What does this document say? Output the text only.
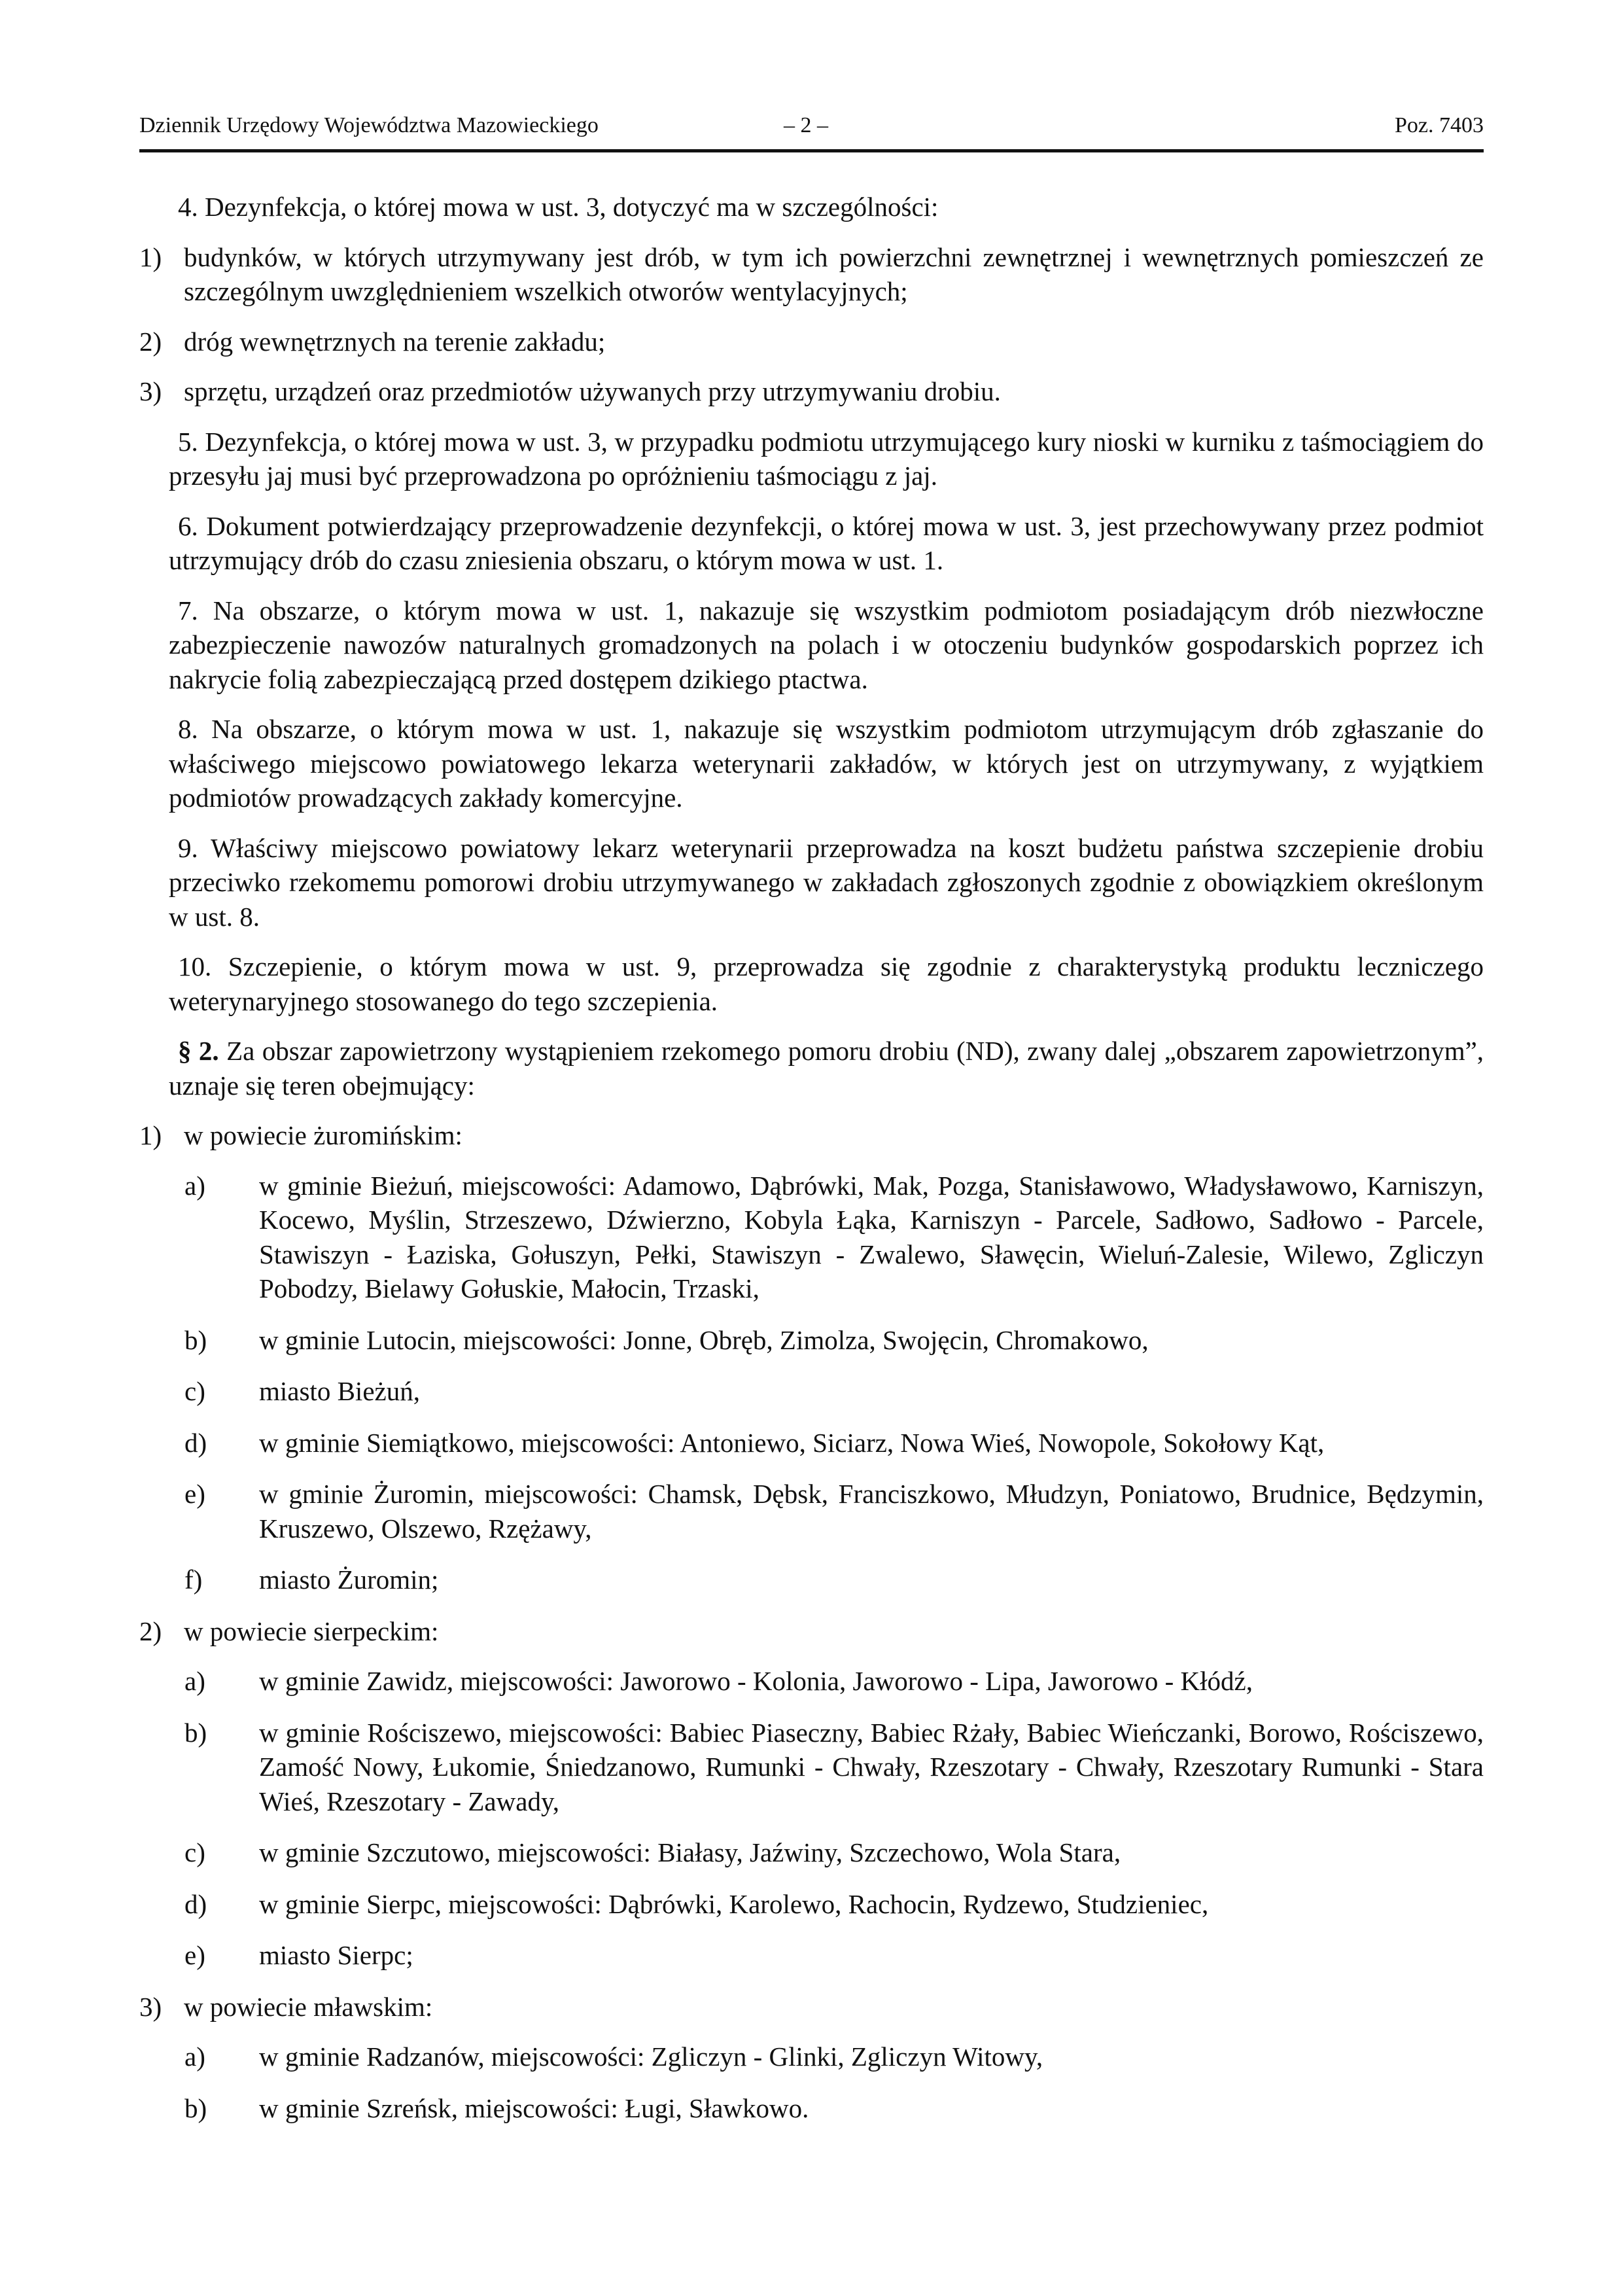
Dziennik Urzędowy Województwa Mazowieckiego	– 2 –	Poz. 7403

4. Dezynfekcja, o której mowa w ust. 3, dotyczyć ma w szczególności:

1) budynków, w których utrzymywany jest drób, w tym ich powierzchni zewnętrznej i wewnętrznych pomieszczeń ze szczególnym uwzględnieniem wszelkich otworów wentylacyjnych;
2) dróg wewnętrznych na terenie zakładu;
3) sprzętu, urządzeń oraz przedmiotów używanych przy utrzymywaniu drobiu.

5. Dezynfekcja, o której mowa w ust. 3, w przypadku podmiotu utrzymującego kury nioski w kurniku z taśmociągiem do przesyłu jaj musi być przeprowadzona po opróżnieniu taśmociągu z jaj.

6. Dokument potwierdzający przeprowadzenie dezynfekcji, o której mowa w ust. 3, jest przechowywany przez podmiot utrzymujący drób do czasu zniesienia obszaru, o którym mowa w ust. 1.

7. Na obszarze, o którym mowa w ust. 1, nakazuje się wszystkim podmiotom posiadającym drób niezwłoczne zabezpieczenie nawozów naturalnych gromadzonych na polach i w otoczeniu budynków gospodarskich poprzez ich nakrycie folią zabezpieczającą przed dostępem dzikiego ptactwa.

8. Na obszarze, o którym mowa w ust. 1, nakazuje się wszystkim podmiotom utrzymującym drób zgłaszanie do właściwego miejscowo powiatowego lekarza weterynarii zakładów, w których jest on utrzymywany, z wyjątkiem podmiotów prowadzących zakłady komercyjne.

9. Właściwy miejscowo powiatowy lekarz weterynarii przeprowadza na koszt budżetu państwa szczepienie drobiu przeciwko rzekomemu pomorowi drobiu utrzymywanego w zakładach zgłoszonych zgodnie z obowiązkiem określonym w ust. 8.

10. Szczepienie, o którym mowa w ust. 9, przeprowadza się zgodnie z charakterystyką produktu leczniczego weterynaryjnego stosowanego do tego szczepienia.

§ 2. Za obszar zapowietrzony wystąpieniem rzekomego pomoru drobiu (ND), zwany dalej „obszarem zapowietrzonym”, uznaje się teren obejmujący:

1) w powiecie żuromińskim:
a) w gminie Bieżuń, miejscowości: Adamowo, Dąbrówki, Mak, Pozga, Stanisławowo, Władysławowo, Karniszyn, Kocewo, Myślin, Strzeszewo, Dźwierzno, Kobyla Łąka, Karniszyn - Parcele, Sadłowo, Sadłowo - Parcele, Stawiszyn - Łaziska, Gołuszyn, Pełki, Stawiszyn - Zwalewo, Sławęcin, Wieluń-Zalesie, Wilewo, Zgliczyn Pobodzy, Bielawy Gołuskie, Małocin, Trzaski,
b) w gminie Lutocin, miejscowości: Jonne, Obręb, Zimolza, Swojęcin, Chromakowo,
c) miasto Bieżuń,
d) w gminie Siemiątkowo, miejscowości: Antoniewo, Siciarz, Nowa Wieś, Nowopole, Sokołowy Kąt,
e) w gminie Żuromin, miejscowości: Chamsk, Dębsk, Franciszkowo, Młudzyn, Poniatowo, Brudnice, Będzymin, Kruszewo, Olszewo, Rzężawy,
f) miasto Żuromin;
2) w powiecie sierpeckim:
a) w gminie Zawidz, miejscowości: Jaworowo - Kolonia, Jaworowo - Lipa, Jaworowo - Kłódź,
b) w gminie Rościszewo, miejscowości: Babiec Piaseczny, Babiec Rżały, Babiec Wieńczanki, Borowo, Rościszewo, Zamość Nowy, Łukomie, Śniedzanowo, Rumunki - Chwały, Rzeszotary - Chwały, Rzeszotary Rumunki - Stara Wieś, Rzeszotary - Zawady,
c) w gminie Szczutowo, miejscowości: Białasy, Jaźwiny, Szczechowo, Wola Stara,
d) w gminie Sierpc, miejscowości: Dąbrówki, Karolewo, Rachocin, Rydzewo, Studzieniec,
e) miasto Sierpc;
3) w powiecie mławskim:
a) w gminie Radzanów, miejscowości: Zgliczyn - Glinki, Zgliczyn Witowy,
b) w gminie Szreńsk, miejscowości: Ługi, Sławkowo.
